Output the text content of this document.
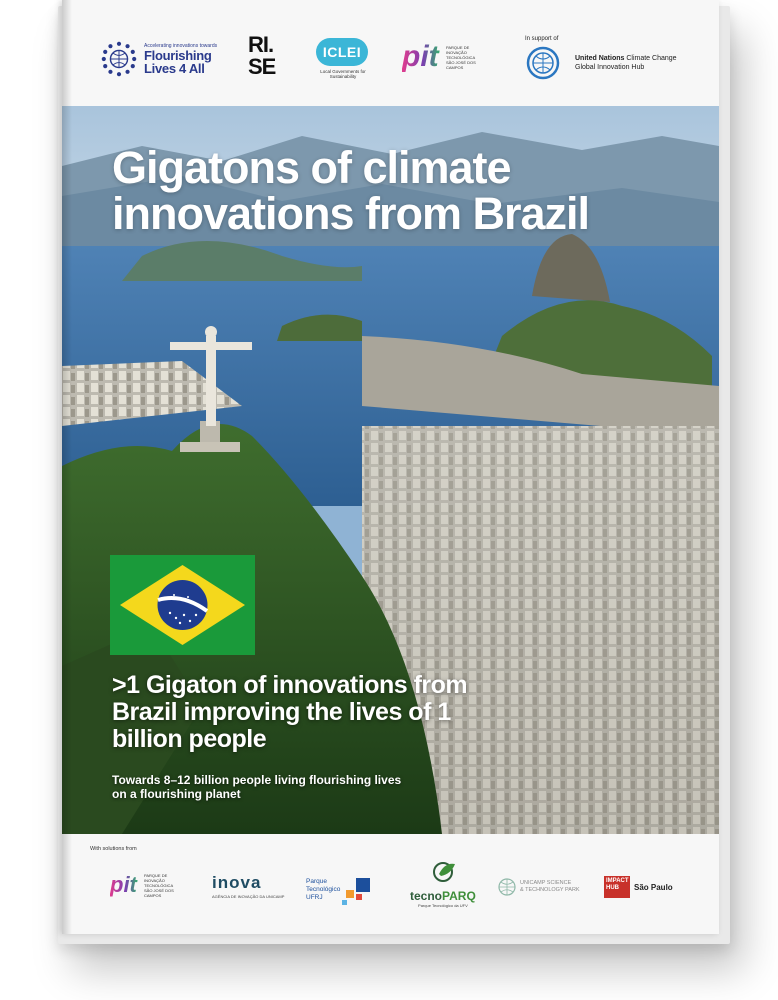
Accelerating innovations towards
Flourishing
Lives 4 All
RI.
SE
ICLEI
Local Governments for Sustainability
pit	PARQUE DE INOVAÇÃO TECNOLÓGICA SÃO JOSÉ DOS CAMPOS
In support of
United Nations Climate Change
Global Innovation Hub
Gigatons of climate innovations from Brazil
>1 Gigaton of innovations from Brazil improving the lives of 1 billion people
Towards 8–12 billion people living flourishing lives on a flourishing planet
With solutions from
pit	PARQUE DE INOVAÇÃO TECNOLÓGICA SÃO JOSÉ DOS CAMPOS
inova
AGÊNCIA DE INOVAÇÃO DA UNICAMP
Parque
Tecnológico
UFRJ	tecnoPARQ
Parque Tecnológico da UFV
UNICAMP SCIENCE
& TECHNOLOGY PARK
IMPACT HUB	São Paulo
